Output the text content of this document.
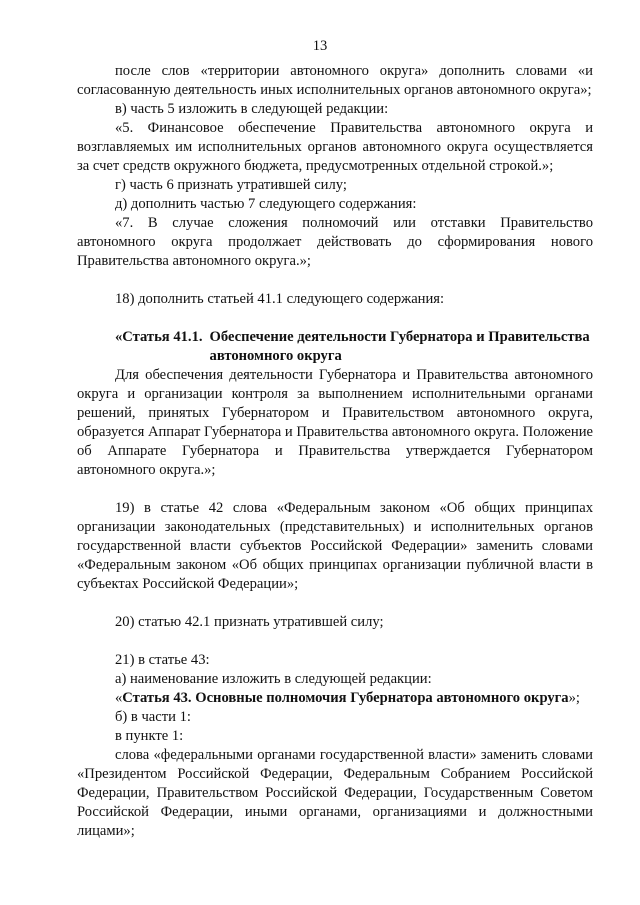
13

после слов «территории автономного округа» дополнить словами «и согласованную деятельность иных исполнительных органов автономного округа»;

в) часть 5 изложить в следующей редакции:

«5. Финансовое обеспечение Правительства автономного округа и возглавляемых им исполнительных органов автономного округа осуществляется за счет средств окружного бюджета, предусмотренных отдельной строкой.»;

г) часть 6 признать утратившей силу;

д) дополнить частью 7 следующего содержания:

«7. В случае сложения полномочий или отставки Правительство автономного округа продолжает действовать до сформирования нового Правительства автономного округа.»;

18) дополнить статьей 41.1 следующего содержания:

«Статья 41.1. Обеспечение деятельности Губернатора и Правительства автономного округа

Для обеспечения деятельности Губернатора и Правительства автономного округа и организации контроля за выполнением исполнительными органами решений, принятых Губернатором и Правительством автономного округа, образуется Аппарат Губернатора и Правительства автономного округа. Положение об Аппарате Губернатора и Правительства утверждается Губернатором автономного округа.»;

19) в статье 42 слова «Федеральным законом «Об общих принципах организации законодательных (представительных) и исполнительных органов государственной власти субъектов Российской Федерации» заменить словами «Федеральным законом «Об общих принципах организации публичной власти в субъектах Российской Федерации»;

20) статью 42.1 признать утратившей силу;

21) в статье 43:

а) наименование изложить в следующей редакции:

«Статья 43. Основные полномочия Губернатора автономного округа»;

б) в части 1:

в пункте 1:

слова «федеральными органами государственной власти» заменить словами «Президентом Российской Федерации, Федеральным Собранием Российской Федерации, Правительством Российской Федерации, Государственным Советом Российской Федерации, иными органами, организациями и должностными лицами»;
